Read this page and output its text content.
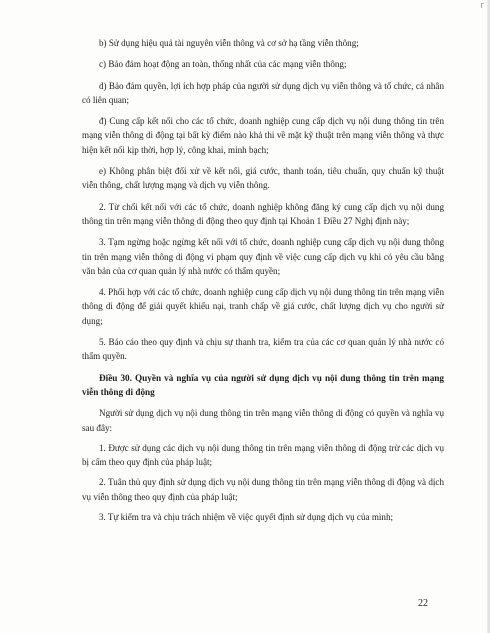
r

b) Sử dụng hiệu quả tài nguyên viễn thông và cơ sở hạ tầng viễn thông;

c) Bảo đảm hoạt động an toàn, thống nhất của các mạng viễn thông;

d) Bảo đảm quyền, lợi ích hợp pháp của người sử dụng dịch vụ viễn thông và tổ chức, cá nhân có liên quan;

đ) Cung cấp kết nối cho các tổ chức, doanh nghiệp cung cấp dịch vụ nội dung thông tin trên mạng viễn thông di động tại bất kỳ điểm nào khả thi về mặt kỹ thuật trên mạng viễn thông và thực hiện kết nối kịp thời, hợp lý, công khai, minh bạch;

e) Không phân biệt đối xử về kết nối, giá cước, thanh toán, tiêu chuẩn, quy chuẩn kỹ thuật viễn thông, chất lượng mạng và dịch vụ viễn thông.

2. Từ chối kết nối với các tổ chức, doanh nghiệp không đăng ký cung cấp dịch vụ nội dung thông tin trên mạng viễn thông di động theo quy định tại Khoản 1 Điều 27 Nghị định này;

3. Tạm ngừng hoặc ngừng kết nối với tổ chức, doanh nghiệp cung cấp dịch vụ nội dung thông tin trên mạng viễn thông di động vi phạm quy định về việc cung cấp dịch vụ khi có yêu cầu bằng văn bản của cơ quan quản lý nhà nước có thẩm quyền;

4. Phối hợp với các tổ chức, doanh nghiệp cung cấp dịch vụ nội dung thông tin trên mạng viễn thông di động để giải quyết khiếu nại, tranh chấp về giá cước, chất lượng dịch vụ cho người sử dụng;

5. Báo cáo theo quy định và chịu sự thanh tra, kiểm tra của các cơ quan quản lý nhà nước có thẩm quyền.

Điều 30. Quyền và nghĩa vụ của người sử dụng dịch vụ nội dung thông tin trên mạng viễn thông di động

Người sử dụng dịch vụ nội dung thông tin trên mạng viễn thông di động có quyền và nghĩa vụ sau đây:

1. Được sử dụng các dịch vụ nội dung thông tin trên mạng viễn thông di động trừ các dịch vụ bị cấm theo quy định của pháp luật;

2. Tuân thủ quy định sử dụng dịch vụ nội dung thông tin trên mạng viễn thông di động và dịch vụ viễn thông theo quy định của pháp luật;

3. Tự kiểm tra và chịu trách nhiệm về việc quyết định sử dụng dịch vụ của mình;

22
